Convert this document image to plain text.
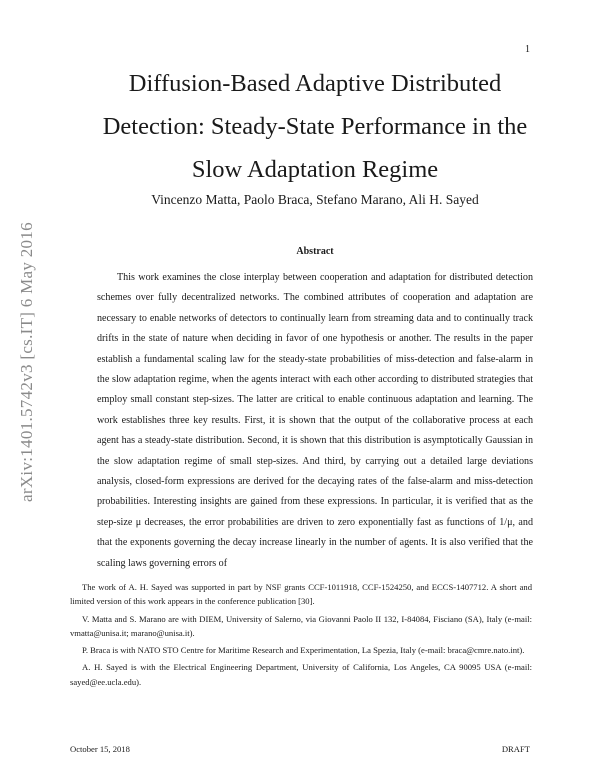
1
arXiv:1401.5742v3 [cs.IT] 6 May 2016
Diffusion-Based Adaptive Distributed Detection: Steady-State Performance in the Slow Adaptation Regime
Vincenzo Matta, Paolo Braca, Stefano Marano, Ali H. Sayed
Abstract

This work examines the close interplay between cooperation and adaptation for distributed detection schemes over fully decentralized networks. The combined attributes of cooperation and adaptation are necessary to enable networks of detectors to continually learn from streaming data and to continually track drifts in the state of nature when deciding in favor of one hypothesis or another. The results in the paper establish a fundamental scaling law for the steady-state probabilities of miss-detection and false-alarm in the slow adaptation regime, when the agents interact with each other according to distributed strategies that employ small constant step-sizes. The latter are critical to enable continuous adaptation and learning. The work establishes three key results. First, it is shown that the output of the collaborative process at each agent has a steady-state distribution. Second, it is shown that this distribution is asymptotically Gaussian in the slow adaptation regime of small step-sizes. And third, by carrying out a detailed large deviations analysis, closed-form expressions are derived for the decaying rates of the false-alarm and miss-detection probabilities. Interesting insights are gained from these expressions. In particular, it is verified that as the step-size μ decreases, the error probabilities are driven to zero exponentially fast as functions of 1/μ, and that the exponents governing the decay increase linearly in the number of agents. It is also verified that the scaling laws governing errors of

The work of A. H. Sayed was supported in part by NSF grants CCF-1011918, CCF-1524250, and ECCS-1407712. A short and limited version of this work appears in the conference publication [30].

V. Matta and S. Marano are with DIEM, University of Salerno, via Giovanni Paolo II 132, I-84084, Fisciano (SA), Italy (e-mail: vmatta@unisa.it; marano@unisa.it).

P. Braca is with NATO STO Centre for Maritime Research and Experimentation, La Spezia, Italy (e-mail: braca@cmre.nato.int).

A. H. Sayed is with the Electrical Engineering Department, University of California, Los Angeles, CA 90095 USA (e-mail: sayed@ee.ucla.edu).

October 15, 2018	DRAFT
